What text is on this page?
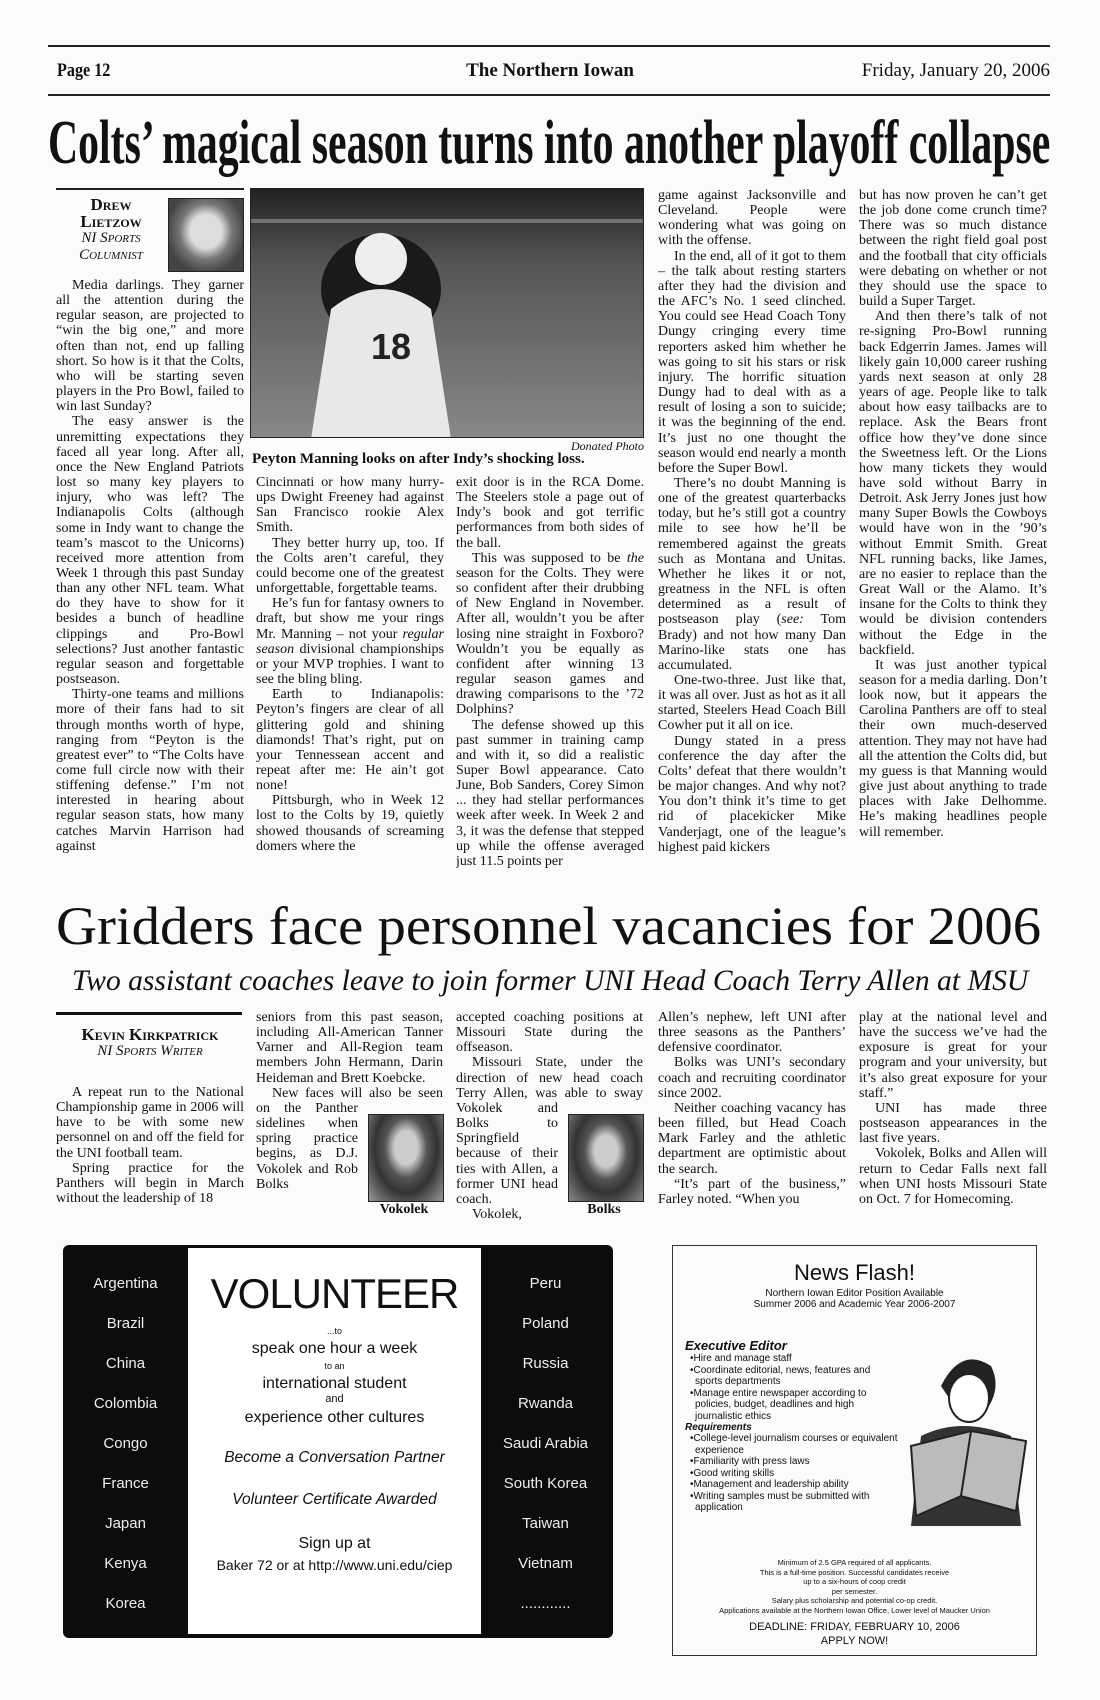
Page 12	The Northern Iowan	Friday, January 20, 2006
Colts’ magical season turns into another playoff collapse
Drew
Lietzow
NI Sports
Columnist
18
Donated Photo
Peyton Manning looks on after Indy’s shocking loss.

Media darlings. They garner all the attention during the regular season, are projected to “win the big one,” and more often than not, end up falling short. So how is it that the Colts, who will be starting seven players in the Pro Bowl, failed to win last Sunday?

The easy answer is the unremitting expectations they faced all year long. After all, once the New England Patriots lost so many key players to injury, who was left? The Indianapolis Colts (although some in Indy want to change the team’s mascot to the Unicorns) received more attention from Week 1 through this past Sunday than any other NFL team. What do they have to show for it besides a bunch of headline clippings and Pro-Bowl selections? Just another fantastic regular season and forgettable postseason.

Thirty-one teams and millions more of their fans had to sit through months worth of hype, ranging from “Peyton is the greatest ever” to “The Colts have come full circle now with their stiffening defense.” I’m not interested in hearing about regular season stats, how many catches Marvin Harrison had against

Cincinnati or how many hurry-ups Dwight Freeney had against San Francisco rookie Alex Smith.

They better hurry up, too. If the Colts aren’t careful, they could become one of the greatest unforgettable, forgettable teams.

He’s fun for fantasy owners to draft, but show me your rings Mr. Manning – not your regular season divisional championships or your MVP trophies. I want to see the bling bling.

Earth to Indianapolis: Peyton’s fingers are clear of all glittering gold and shining diamonds! That’s right, put on your Tennessean accent and repeat after me: He ain’t got none!

Pittsburgh, who in Week 12 lost to the Colts by 19, quietly showed thousands of screaming domers where the

exit door is in the RCA Dome. The Steelers stole a page out of Indy’s book and got terrific performances from both sides of the ball.

This was supposed to be the season for the Colts. They were so confident after their drubbing of New England in November. After all, wouldn’t you be after losing nine straight in Foxboro? Wouldn’t you be equally as confident after winning 13 regular season games and drawing comparisons to the ’72 Dolphins?

The defense showed up this past summer in training camp and with it, so did a realistic Super Bowl appearance. Cato June, Bob Sanders, Corey Simon ... they had stellar performances week after week. In Week 2 and 3, it was the defense that stepped up while the offense averaged just 11.5 points per

game against Jacksonville and Cleveland. People were wondering what was going on with the offense.

In the end, all of it got to them – the talk about resting starters after they had the division and the AFC’s No. 1 seed clinched. You could see Head Coach Tony Dungy cringing every time reporters asked him whether he was going to sit his stars or risk injury. The horrific situation Dungy had to deal with as a result of losing a son to suicide; it was the beginning of the end. It’s just no one thought the season would end nearly a month before the Super Bowl.

There’s no doubt Manning is one of the greatest quarterbacks today, but he’s still got a country mile to see how he’ll be remembered against the greats such as Montana and Unitas. Whether he likes it or not, greatness in the NFL is often determined as a result of postseason play (see: Tom Brady) and not how many Dan Marino-like stats one has accumulated.

One-two-three. Just like that, it was all over. Just as hot as it all started, Steelers Head Coach Bill Cowher put it all on ice.

Dungy stated in a press conference the day after the Colts’ defeat that there wouldn’t be major changes. And why not? You don’t think it’s time to get rid of placekicker Mike Vanderjagt, one of the league’s highest paid kickers

but has now proven he can’t get the job done come crunch time? There was so much distance between the right field goal post and the football that city officials were debating on whether or not they should use the space to build a Super Target.

And then there’s talk of not re-signing Pro-Bowl running back Edgerrin James. James will likely gain 10,000 career rushing yards next season at only 28 years of age. People like to talk about how easy tailbacks are to replace. Ask the Bears front office how they’ve done since the Sweetness left. Or the Lions how many tickets they would have sold without Barry in Detroit. Ask Jerry Jones just how many Super Bowls the Cowboys would have won in the ’90’s without Emmit Smith. Great NFL running backs, like James, are no easier to replace than the Great Wall or the Alamo. It’s insane for the Colts to think they would be division contenders without the Edge in the backfield.

It was just another typical season for a media darling. Don’t look now, but it appears the Carolina Panthers are off to steal their own much-deserved attention. They may not have had all the attention the Colts did, but my guess is that Manning would give just about anything to trade places with Jake Delhomme. He’s making headlines people will remember.

Gridders face personnel vacancies for 2006
Two assistant coaches leave to join former UNI Head Coach Terry Allen at MSU
Kevin Kirkpatrick
NI Sports Writer

A repeat run to the National Championship game in 2006 will have to be with some new personnel on and off the field for the UNI football team.

Spring practice for the Panthers will begin in March without the leadership of 18

Vokolek

seniors from this past season, including All-American Tanner Varner and All-Region team members John Hermann, Darin Heideman and Brett Koebcke.

New faces will also be seen on the Panther sidelines when spring practice begins, as D.J. Vokolek and Rob Bolks

Bolks

accepted coaching positions at Missouri State during the offseason.

Missouri State, under the direction of new head coach Terry Allen, was able to sway Vokolek and Bolks to Springfield because of their ties with Allen, a former UNI head coach.

Vokolek,

Allen’s nephew, left UNI after three seasons as the Panthers’ defensive coordinator.

Bolks was UNI’s secondary coach and recruiting coordinator since 2002.

Neither coaching vacancy has been filled, but Head Coach Mark Farley and the athletic department are optimistic about the search.

“It’s part of the business,” Farley noted. “When you

play at the national level and have the success we’ve had the exposure is great for your program and your university, but it’s also great exposure for your staff.”

UNI has made three postseason appearances in the last five years.

Vokolek, Bolks and Allen will return to Cedar Falls next fall when UNI hosts Missouri State on Oct. 7 for Homecoming.

Argentina
Brazil
China
Colombia
Congo
France
Japan
Kenya
Korea
Peru
Poland
Russia
Rwanda
Saudi Arabia
South Korea
Taiwan
Vietnam
............
VOLUNTEER
...to
speak one hour a week
to an
international student
and
experience other cultures
Become a Conversation Partner
Volunteer Certificate Awarded
Sign up at
Baker 72 or at http://www.uni.edu/ciep
News Flash!
Northern Iowan Editor Position Available
Summer 2006 and Academic Year 2006-2007
Executive Editor
•Hire and manage staff
•Coordinate editorial, news, features and sports departments
•Manage entire newspaper according to policies, budget, deadlines and high journalistic ethics
Requirements
•College-level journalism courses or equivalent experience
•Familiarity with press laws
•Good writing skills
•Management and leadership ability
•Writing samples must be submitted with application
Minimum of 2.5 GPA required of all applicants.
This is a full-time position. Successful candidates receive
up to a six-hours of coop credit
per semester.
Salary plus scholarship and potential co-op credit.
Applications available at the Northern Iowan Office, Lower level of Maucker Union
DEADLINE: FRIDAY, FEBRUARY 10, 2006
APPLY NOW!
